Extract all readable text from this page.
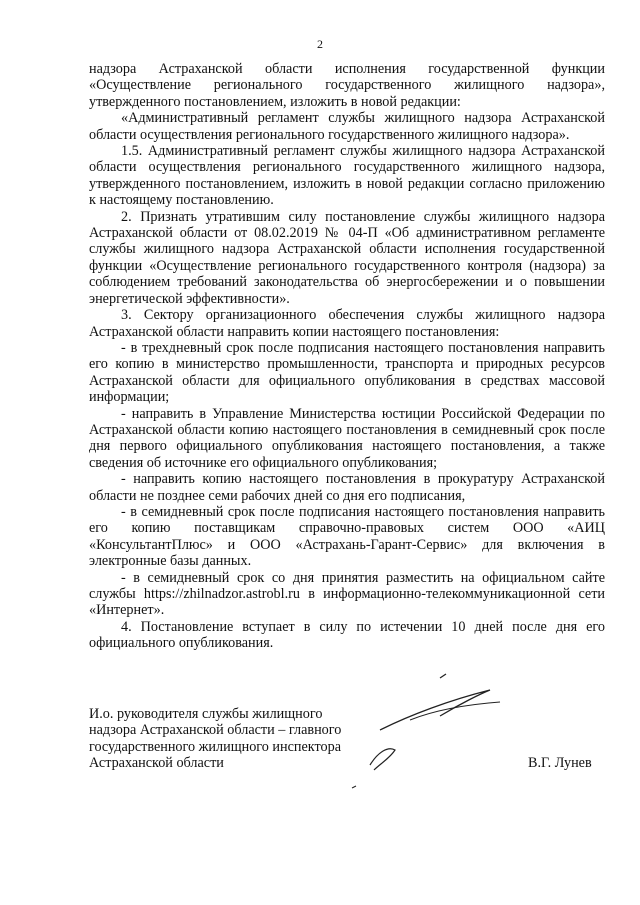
2

надзора Астраханской области исполнения государственной функции «Осуществление регионального государственного жилищного надзора», утвержденного постановлением, изложить в новой редакции:

«Административный регламент службы жилищного надзора Астраханской области осуществления регионального государственного жилищного надзора».

1.5. Административный регламент службы жилищного надзора Астраханской области осуществления регионального государственного жилищного надзора, утвержденного постановлением, изложить в новой редакции согласно приложению к настоящему постановлению.

2. Признать утратившим силу постановление службы жилищного надзора Астраханской области от 08.02.2019 № 04-П «Об административном регламенте службы жилищного надзора Астраханской области исполнения государственной функции «Осуществление регионального государственного контроля (надзора) за соблюдением требований законодательства об энергосбережении и о повышении энергетической эффективности».

3. Сектору организационного обеспечения службы жилищного надзора Астраханской области направить копии настоящего постановления:

- в трехдневный срок после подписания настоящего постановления направить его копию в министерство промышленности, транспорта и природных ресурсов Астраханской области для официального опубликования в средствах массовой информации;

- направить в Управление Министерства юстиции Российской Федерации по Астраханской области копию настоящего постановления в семидневный срок после дня первого официального опубликования настоящего постановления, а также сведения об источнике его официального опубликования;

- направить копию настоящего постановления в прокуратуру Астраханской области не позднее семи рабочих дней со дня его подписания,

- в семидневный срок после подписания настоящего постановления направить его копию поставщикам справочно-правовых систем ООО «АИЦ «КонсультантПлюс» и ООО «Астрахань-Гарант-Сервис» для включения в электронные базы данных.

- в семидневный срок со дня принятия разместить на официальном сайте службы https://zhilnadzor.astrobl.ru в информационно-телекоммуникационной сети «Интернет».

4. Постановление вступает в силу по истечении 10 дней после дня его официального опубликования.

И.о. руководителя службы жилищного
надзора Астраханской области – главного
государственного жилищного инспектора
Астраханской области	В.Г. Лунев
